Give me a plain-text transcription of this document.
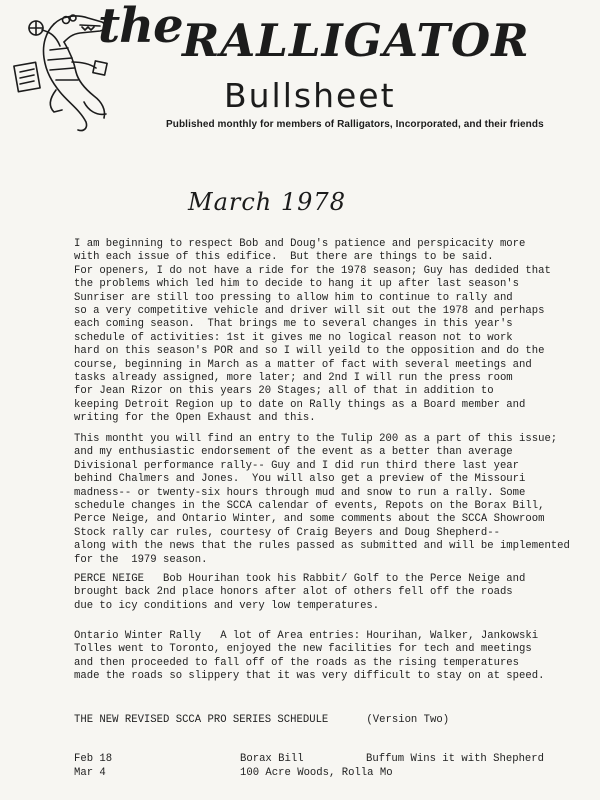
the RALLIGATOR
Bullsheet
Published monthly for members of Ralligators, Incorporated, and their friends
March 1978
I am beginning to respect Bob and Doug's patience and perspicacity more
with each issue of this edifice.  But there are things to be said.
For openers, I do not have a ride for the 1978 season; Guy has dedided that
the problems which led him to decide to hang it up after last season's
Sunriser are still too pressing to allow him to continue to rally and
so a very competitive vehicle and driver will sit out the 1978 and perhaps
each coming season.  That brings me to several changes in this year's
schedule of activities: 1st it gives me no logical reason not to work
hard on this season's POR and so I will yeild to the opposition and do the
course, beginning in March as a matter of fact with several meetings and
tasks already assigned, more later; and 2nd I will run the press room
for Jean Rizor on this years 20 Stages; all of that in addition to
keeping Detroit Region up to date on Rally things as a Board member and
writing for the Open Exhaust and this.
This montht you will find an entry to the Tulip 200 as a part of this issue;
and my enthusiastic endorsement of the event as a better than average
Divisional performance rally-- Guy and I did run third there last year
behind Chalmers and Jones.  You will also get a preview of the Missouri
madness-- or twenty-six hours through mud and snow to run a rally. Some
schedule changes in the SCCA calendar of events, Repots on the Borax Bill,
Perce Neige, and Ontario Winter, and some comments about the SCCA Showroom
Stock rally car rules, courtesy of Craig Beyers and Doug Shepherd--
along with the news that the rules passed as submitted and will be implemented
for the  1979 season.
PERCE NEIGE   Bob Hourihan took his Rabbit/ Golf to the Perce Neige and
brought back 2nd place honors after alot of others fell off the roads
due to icy conditions and very low temperatures.
Ontario Winter Rally   A lot of Area entries: Hourihan, Walker, Jankowski
Tolles went to Toronto, enjoyed the new facilities for tech and meetings
and then proceeded to fall off of the roads as the rising temperatures
made the roads so slippery that it was very difficult to stay on at speed.
THE NEW REVISED SCCA PRO SERIES SCHEDULE      (Version Two)
Feb 18	Borax Bill	Buffum Wins it with Shepherd
Mar 4	100 Acre Woods, Rolla Mo
